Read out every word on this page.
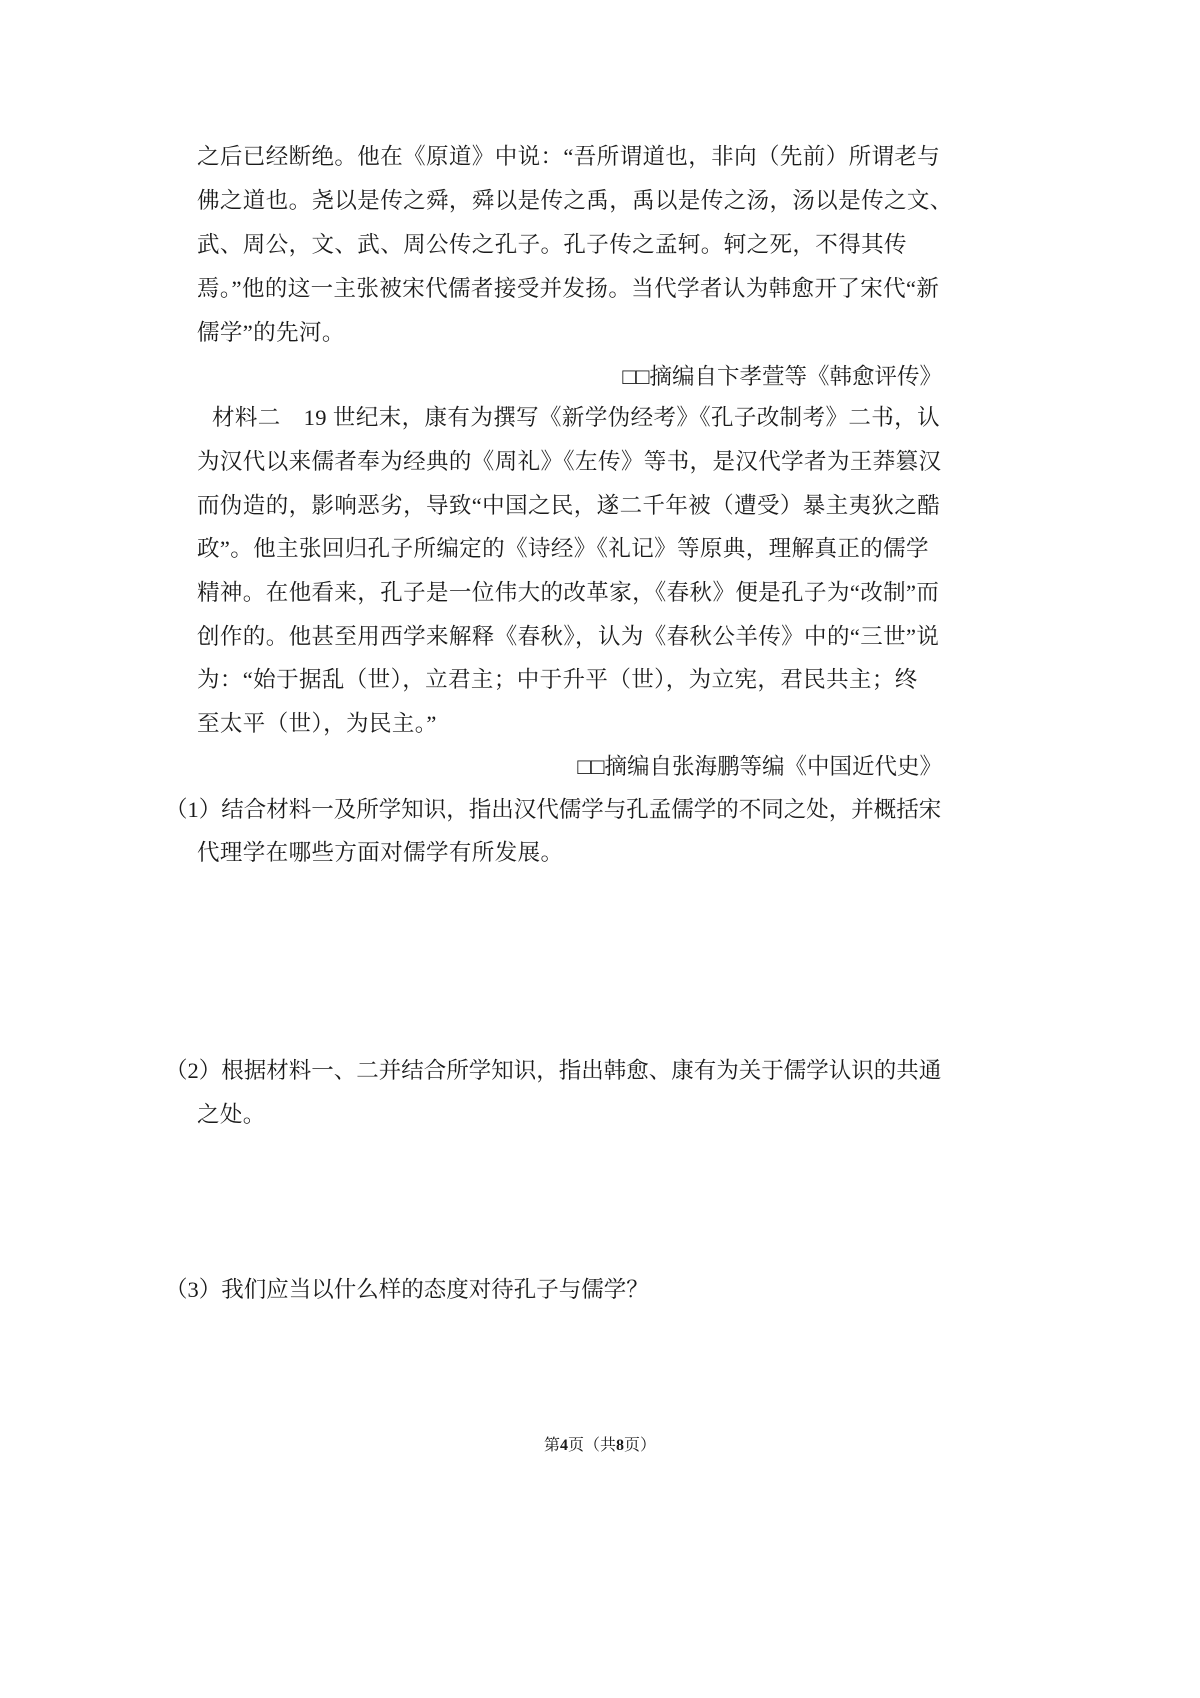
之后已经断绝。他在《原道》中说：“吾所谓道也，非向（先前）所谓老与
佛之道也。尧以是传之舜，舜以是传之禹，禹以是传之汤，汤以是传之文、
武、周公，文、武、周公传之孔子。孔子传之孟轲。轲之死，不得其传
焉。”他的这一主张被宋代儒者接受并发扬。当代学者认为韩愈开了宋代“新
儒学”的先河。
□□摘编自卞孝萱等《韩愈评传》
材料二　19 世纪末，康有为撰写《新学伪经考》《孔子改制考》二书，认
为汉代以来儒者奉为经典的《周礼》《左传》等书，是汉代学者为王莽篡汉
而伪造的，影响恶劣，导致“中国之民，遂二千年被（遭受）暴主夷狄之酷
政”。他主张回归孔子所编定的《诗经》《礼记》等原典，理解真正的儒学
精神。在他看来，孔子是一位伟大的改革家，《春秋》便是孔子为“改制”而
创作的。他甚至用西学来解释《春秋》，认为《春秋公羊传》中的“三世”说
为：“始于据乱（世），立君主；中于升平（世），为立宪，君民共主；终
至太平（世），为民主。”
□□摘编自张海鹏等编《中国近代史》
（1）结合材料一及所学知识，指出汉代儒学与孔孟儒学的不同之处，并概括宋
代理学在哪些方面对儒学有所发展。
（2）根据材料一、二并结合所学知识，指出韩愈、康有为关于儒学认识的共通
之处。
（3）我们应当以什么样的态度对待孔子与儒学？
第4页（共8页）
